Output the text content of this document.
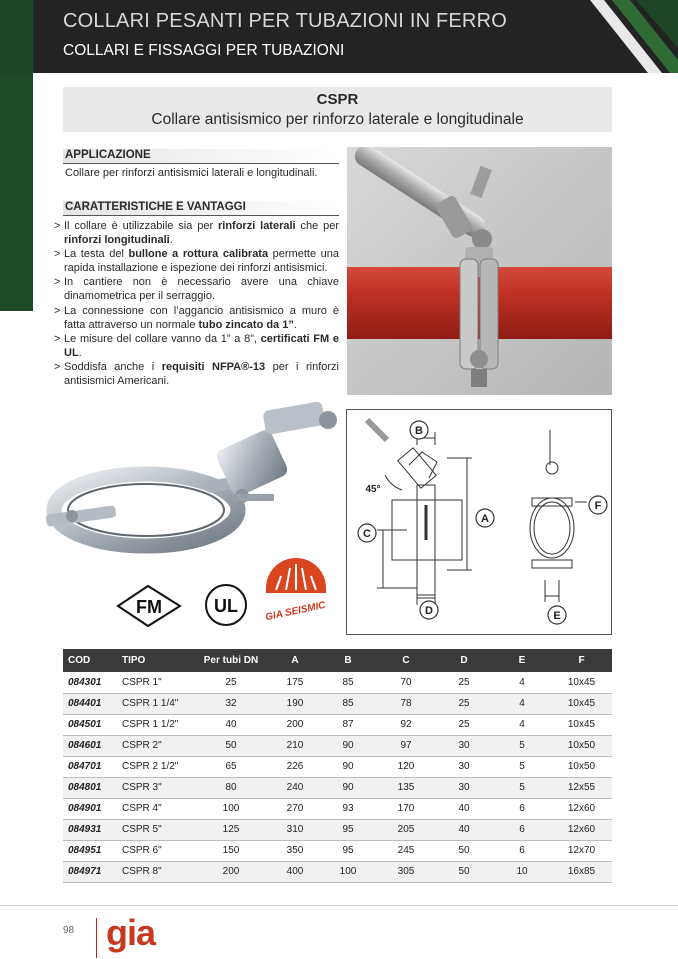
COLLARI PESANTI PER TUBAZIONI IN FERRO
COLLARI E FISSAGGI PER TUBAZIONI
CSPR
Collare antisismico per rinforzo laterale e longitudinale
APPLICAZIONE
Collare per rinforzi antisismici laterali e longitudinali.
CARATTERISTICHE E VANTAGGI
> Il collare è utilizzabile sia per rinforzi laterali che per rinforzi longitudinali.
> La testa del bullone a rottura calibrata permette una rapida installazione e ispezione dei rinforzi antisismici.
> In cantiere non è necessario avere una chiave dinamometrica per il serraggio.
> La connessione con l’aggancio antisismico a muro è fatta attraverso un normale tubo zincato da 1”.
> Le misure del collare vanno da 1” a 8”, certificati FM e UL.
> Soddisfa anche i requisiti NFPA®-13 per i rinforzi antisismici Americani.
B
A
C
D
F
E
45°
FM	UL	GIA SEISMIC
COD	TIPO	Per tubi DN	A	B	C	D	E	F
084301	CSPR 1"	25	175	85	70	25	4	10x45
084401	CSPR 1 1/4"	32	190	85	78	25	4	10x45
084501	CSPR 1 1/2"	40	200	87	92	25	4	10x45
084601	CSPR 2"	50	210	90	97	30	5	10x50
084701	CSPR 2 1/2"	65	226	90	120	30	5	10x50
084801	CSPR 3"	80	240	90	135	30	5	12x55
084901	CSPR 4"	100	270	93	170	40	6	12x60
084931	CSPR 5"	125	310	95	205	40	6	12x60
084951	CSPR 6"	150	350	95	245	50	6	12x70
084971	CSPR 8"	200	400	100	305	50	10	16x85
98 gia
